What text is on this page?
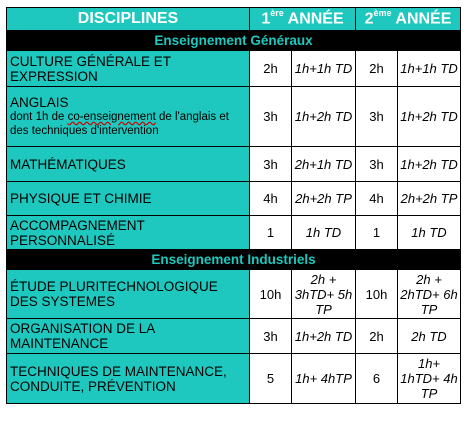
DISCIPLINES	1ère ANNÉE		2ème ANNÉE	
Enseignement Généraux				
CULTURE GÉNÉRALE ET EXPRESSION	2h	1h+1h TD	2h	1h+1h TD
ANGLAIS
dont 1h de co-enseignement de l'anglais et des techniques d'intervention	3h	1h+2h TD	3h	1h+2h TD
MATHÉMATIQUES	3h	2h+1h TD	3h	1h+2h TD
PHYSIQUE ET CHIMIE	4h	2h+2h TP	4h	2h+2h TP
ACCOMPAGNEMENT PERSONNALISÉ	1	1h TD	1	1h TD
Enseignement Industriels				
ÉTUDE PLURITECHNOLOGIQUE DES SYSTEMES	10h	2h + 3hTD+ 5h TP	10h	2h + 2hTD+ 6h TP
ORGANISATION DE LA MAINTENANCE	3h	1h+2h TD	2h	2h TD
TECHNIQUES DE MAINTENANCE, CONDUITE, PRÉVENTION	5	1h+ 4hTP	6	1h+ 1hTD+ 4h TP
